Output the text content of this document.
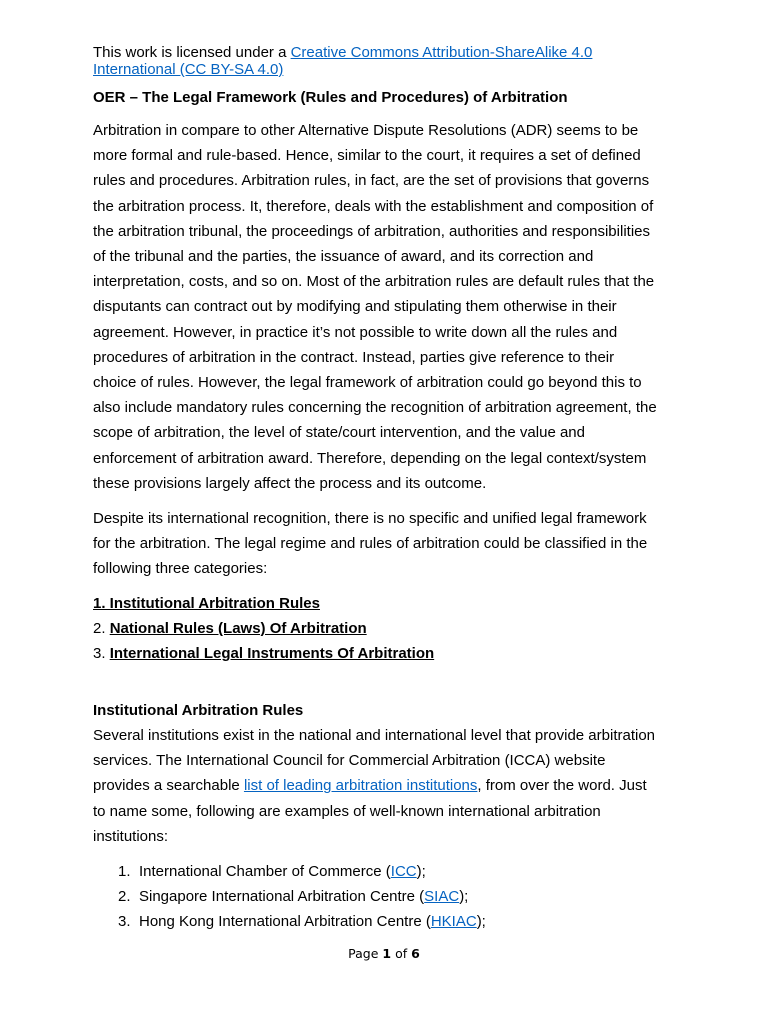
This work is licensed under a Creative Commons Attribution-ShareAlike 4.0
International (CC BY-SA 4.0)
OER – The Legal Framework (Rules and Procedures) of Arbitration
Arbitration in compare to other Alternative Dispute Resolutions (ADR) seems to be
more formal and rule-based. Hence, similar to the court, it requires a set of defined
rules and procedures. Arbitration rules, in fact, are the set of provisions that governs
the arbitration process. It, therefore, deals with the establishment and composition of
the arbitration tribunal, the proceedings of arbitration, authorities and responsibilities
of the tribunal and the parties, the issuance of award, and its correction and
interpretation, costs, and so on. Most of the arbitration rules are default rules that the
disputants can contract out by modifying and stipulating them otherwise in their
agreement. However, in practice it’s not possible to write down all the rules and
procedures of arbitration in the contract. Instead, parties give reference to their
choice of rules. However, the legal framework of arbitration could go beyond this to
also include mandatory rules concerning the recognition of arbitration agreement, the
scope of arbitration, the level of state/court intervention, and the value and
enforcement of arbitration award. Therefore, depending on the legal context/system
these provisions largely affect the process and its outcome.
Despite its international recognition, there is no specific and unified legal framework
for the arbitration. The legal regime and rules of arbitration could be classified in the
following three categories:
1. Institutional Arbitration Rules
2. National Rules (Laws) Of Arbitration
3. International Legal Instruments Of Arbitration
Institutional Arbitration Rules
Several institutions exist in the national and international level that provide arbitration
services. The International Council for Commercial Arbitration (ICCA) website
provides a searchable list of leading arbitration institutions, from over the word. Just
to name some, following are examples of well-known international arbitration
institutions:
1. International Chamber of Commerce (ICC);
2. Singapore International Arbitration Centre (SIAC);
3. Hong Kong International Arbitration Centre (HKIAC);
Page 1 of 6
